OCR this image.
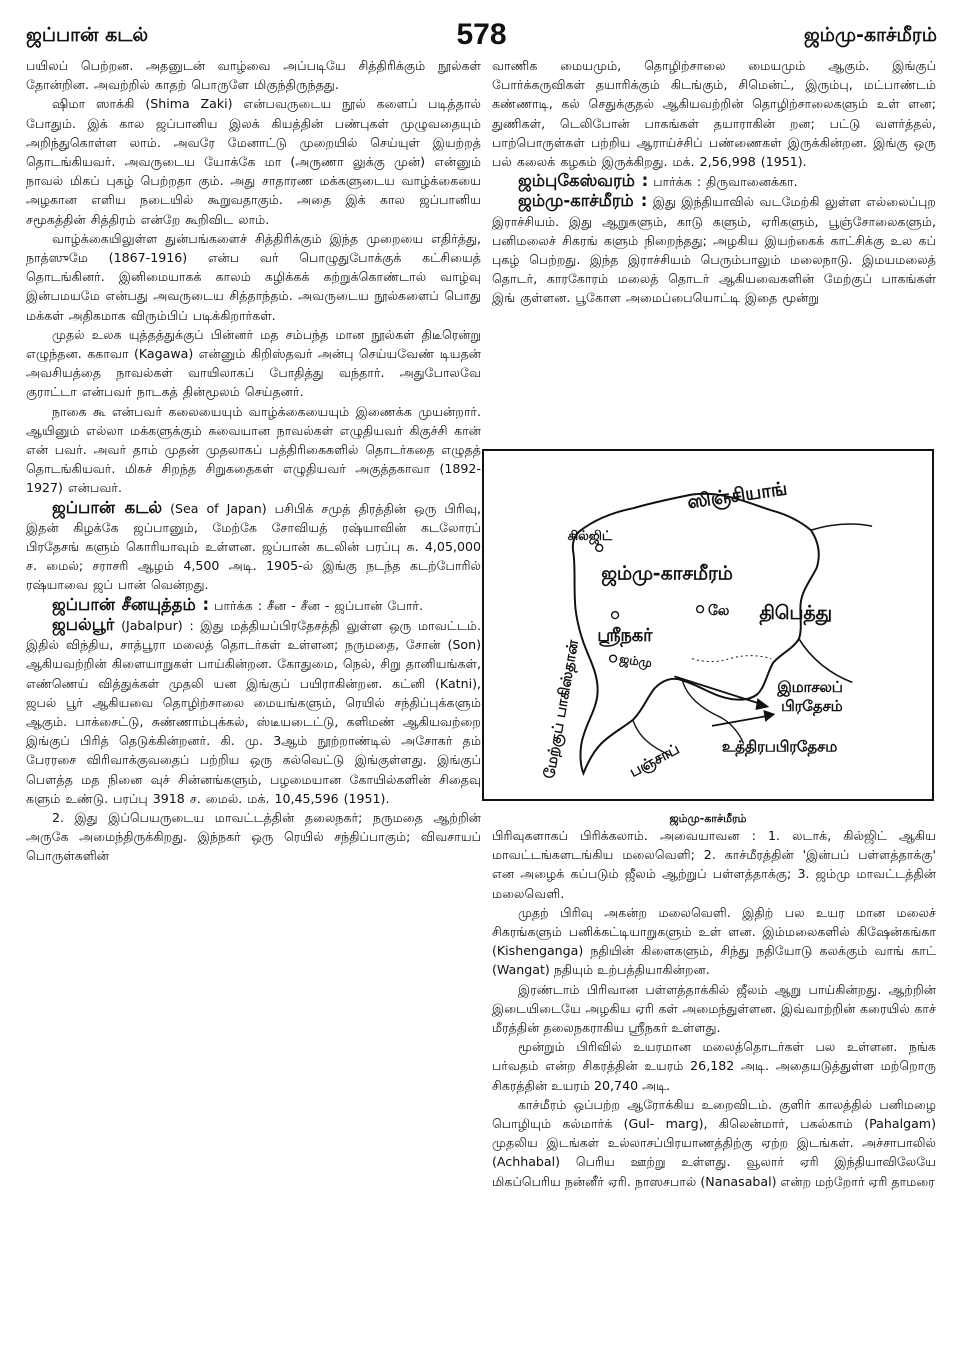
ஜப்பான் கடல்	578	ஜம்மு-காச்மீரம்

பயிலப் பெற்றன. அதனுடன் வாழ்வை அப்படியே சித்திரிக்கும் நூல்கள் தோன்றின. அவற்றில் காதற் பொருளே மிகுந்திருந்தது.

ஷிமா ஸாக்கி (Shima Zaki) என்பவருடைய நூல் களைப் படித்தால் போதும். இக் கால ஜப்பானிய இலக் கியத்தின் பண்புகள் முழுவதையும் அறிந்துகொள்ள லாம். அவரே மேனாட்டு முறையில் செய்யுள் இயற்றத் தொடங்கியவர். அவருடைய யோக்கே மா (அருணா லுக்கு முன்) என்னும் நாவல் மிகப் புகழ் பெற்றதா கும். அது சாதாரண மக்களுடைய வாழ்க்கையை அழகான எளிய நடையில் கூறுவதாகும். அதை இக் கால ஜப்பானிய சமூகத்தின் சித்திரம் என்றே கூறிவிட லாம்.

வாழ்க்கையிலுள்ள துன்பங்களைச் சித்திரிக்கும் இந்த முறையை எதிர்த்து, நாத்ஸுமே (1867-1916) என்ப வர் பொழுதுபோக்குக் கட்சியைத் தொடங்கினர். இனிமையாகக் காலம் கழிக்கக் கற்றுக்கொண்டால் வாழ்வு இன்பமயமே என்பது அவருடைய சித்தாந்தம். அவருடைய நூல்களைப் பொது மக்கள் அதிகமாக விரும்பிப் படிக்கிறார்கள்.

முதல் உலக யுத்தத்துக்குப் பின்னர் மத சம்பந்த மான நூல்கள் திடீரென்று எழுந்தன. ககாவா (Kagawa) என்னும் கிறிஸ்தவர் அன்பு செய்யவேண் டியதன் அவசியத்தை நாவல்கள் வாயிலாகப் போதித்து வந்தார். அதுபோலவே குராட்டா என்பவர் நாடகத் தின்மூலம் செய்தனர்.

நாகை கூ என்பவர் கலையையும் வாழ்க்கையையும் இணைக்க முயன்றார். ஆயினும் எல்லா மக்களுக்கும் சுவையான நாவல்கள் எழுதியவர் கிகுச்சி கான் என் பவர். அவர் தாம் முதன் முதலாகப் பத்திரிகைகளில் தொடர்கதை எழுதத் தொடங்கியவர். மிகச் சிறந்த சிறுகதைகள் எழுதியவர் அகுத்தகாவா (1892-1927) என்பவர்.

ஜப்பான் கடல் (Sea of Japan) பசிபிக் சமுத் திரத்தின் ஒரு பிரிவு, இதன் கிழக்கே ஜப்பானும், மேற்கே சோவியத் ரஷ்யாவின் கடலோரப் பிரதேசங் களும் கொரியாவும் உள்ளன. ஜப்பான் கடலின் பரப்பு சு. 4,05,000 ச. மைல்; சராசரி ஆழம் 4,500 அடி. 1905-ல் இங்கு நடந்த கடற்போரில் ரஷ்யாவை ஜப் பான் வென்றது.

ஜப்பான் சீனயுத்தம் : பார்க்க : சீன - சீன - ஜப்பான் போர்.

ஜபல்பூர் (Jabalpur) : இது மத்தியப்பிரதேசத்தி லுள்ள ஒரு மாவட்டம். இதில் விந்திய, சாத்பூரா மலைத் தொடர்கள் உள்ளன; நருமதை, சோன் (Son) ஆகியவற்றின் கிளையாறுகள் பாய்கின்றன. கோதுமை, நெல், சிறு தானியங்கள், எண்ணெய் வித்துக்கள் முதலி யன இங்குப் பயிராகின்றன. கட்னி (Katni), ஜபல் பூர் ஆகியவை தொழிற்சாலை மையங்களும், ரெயில் சந்திப்புக்களும் ஆகும். பாக்சைட்டு, சுண்ணாம்புக்கல், ஸ்டீயடைட்டு, களிமண் ஆகியவற்றை இங்குப் பிரித் தெடுக்கின்றனர். கி. மு. 3ஆம் நூற்றாண்டில் அசோகர் தம் பேரரசை விரிவாக்குவதைப் பற்றிய ஒரு கல்வெட்டு இங்குள்ளது. இங்குப் பௌத்த மத நினை வுச் சின்னங்களும், பழமையான கோயில்களின் சிதைவு களும் உண்டு. பரப்பு 3918 ச. மைல். மக். 10,45,596 (1951).

2. இது இப்பெயருடைய மாவட்டத்தின் தலைநகர்; நருமதை ஆற்றின் அருகே அமைந்திருக்கிறது. இந்நகர் ஒரு ரெயில் சந்திப்பாகும்; விவசாயப் பொருள்களின்

வாணிக மையமும், தொழிற்சாலை மையமும் ஆகும். இங்குப் போர்க்கருவிகள் தயாரிக்கும் கிடங்கும், சிமென்ட், இரும்பு, மட்பாண்டம் கண்ணாடி, கல் செதுக்குதல் ஆகியவற்றின் தொழிற்சாலைகளும் உள் ளன; துணிகள், டெலிபோன் பாகங்கள் தயாராகின் றன; பட்டு வளர்த்தல், பாற்பொருள்கள் பற்றிய ஆராய்ச்சிப் பண்ணைகள் இருக்கின்றன. இங்கு ஒரு பல் கலைக் கழகம் இருக்கிறது. மக். 2,56,998 (1951).

ஜம்புகேஸ்வரம் : பார்க்க : திருவானைக்கா.

ஜம்மு-காச்மீரம் : இது இந்தியாவில் வடமேற்கி லுள்ள எல்லைப்புற இராச்சியம். இது ஆறுகளும், காடு களும், ஏரிகளும், பூஞ்சோலைகளும், பனிமலைச் சிகரங் களும் நிறைந்தது; அழகிய இயற்கைக் காட்சிக்கு உல கப் புகழ் பெற்றது. இந்த இராச்சியம் பெரும்பாலும் மலைநாடு. இமயமலைத் தொடர், காரகோரம் மலைத் தொடர் ஆகியவைகளின் மேற்குப் பாகங்கள் இங் குள்ளன. பூகோள அமைப்பையொட்டி இதை மூன்று

ஸிஞ்சியாங்
கில்ஜிட்
ஜம்மு-காசமீரம்
லே
ஸ்ரீநகர்
ஜம்மு
திபெத்து
மேற்குப் பாகிஸ்தான்	பஞ்சாப்
இமாசலப் பிரதேசம்
உத்திரபபிரதேசம
ஜம்மு-காச்மீரம்

பிரிவுகளாகப் பிரிக்கலாம். அவையாவன : 1. லடாக், கில்ஜிட் ஆகிய மாவட்டங்களடங்கிய மலைவெளி; 2. காச்மீரத்தின் 'இன்பப் பள்ளத்தாக்கு' என அழைக் கப்படும் ஜீலம் ஆற்றுப் பள்ளத்தாக்கு; 3. ஜம்மு மாவட்டத்தின் மலைவெளி.

முதற் பிரிவு அகன்ற மலைவெளி. இதிற் பல உயர மான மலைச் சிகரங்களும் பனிக்கட்டியாறுகளும் உள் ளன. இம்மலைகளில் கிஷேன்கங்கா (Kishenganga) நதியின் கிளைகளும், சிந்து நதியோடு கலக்கும் வாங் காட் (Wangat) நதியும் உற்பத்தியாகின்றன.

இரண்டாம் பிரிவான பள்ளத்தாக்கில் ஜீலம் ஆறு பாய்கின்றது. ஆற்றின் இடையிடையே அழகிய ஏரி கள் அமைந்துள்ளன. இவ்வாற்றின் கரையில் காச் மீரத்தின் தலைநகராகிய ஸ்ரீநகர் உள்ளது.

மூன்றும் பிரிவில் உயரமான மலைத்தொடர்கள் பல உள்ளன. நங்க பர்வதம் என்ற சிகரத்தின் உயரம் 26,182 அடி. அதையடுத்துள்ள மற்றொரு சிகரத்தின் உயரம் 20,740 அடி.

காச்மீரம் ஒப்பற்ற ஆரோக்கிய உறைவிடம். குளிர் காலத்தில் பனிமழை பொழியும் கல்மார்க் (Gul- marg), கிலென்மார், பகல்காம் (Pahalgam) முதலிய இடங்கள் உல்லாசப்பிரயாணத்திற்கு ஏற்ற இடங்கள். அச்சாபாலில் (Achhabal) பெரிய ஊற்று உள்ளது. வூலார் ஏரி இந்தியாவிலேயே மிகப்பெரிய நன்னீர் ஏரி. நாஸசபால் (Nanasabal) என்ற மற்றோர் ஏரி தாமரை
